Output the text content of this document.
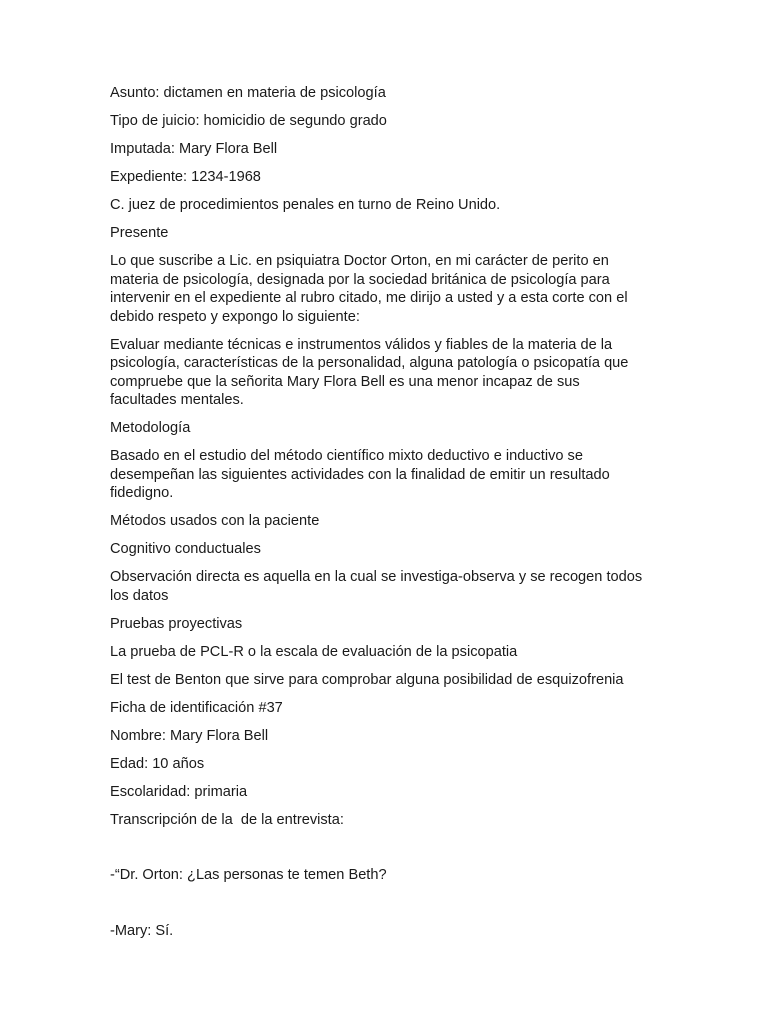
Asunto: dictamen en materia de psicología

Tipo de juicio: homicidio de segundo grado

Imputada: Mary Flora Bell

Expediente: 1234-1968

C. juez de procedimientos penales en turno de Reino Unido.

Presente

Lo que suscribe a Lic. en psiquiatra Doctor Orton, en mi carácter de perito en materia de psicología, designada por la sociedad británica de psicología para intervenir en el expediente al rubro citado, me dirijo a usted y a esta corte con el debido respeto y expongo lo siguiente:

Evaluar mediante técnicas e instrumentos válidos y fiables de la materia de la psicología, características de la personalidad, alguna patología o psicopatía que compruebe que la señorita Mary Flora Bell es una menor incapaz de sus facultades mentales.

Metodología

Basado en el estudio del método científico mixto deductivo e inductivo se desempeñan las siguientes actividades con la finalidad de emitir un resultado fidedigno.

Métodos usados con la paciente

Cognitivo conductuales

Observación directa es aquella en la cual se investiga-observa y se recogen todos los datos

Pruebas proyectivas

La prueba de PCL-R o la escala de evaluación de la psicopatia

El test de Benton que sirve para comprobar alguna posibilidad de esquizofrenia

Ficha de identificación #37

Nombre: Mary Flora Bell

Edad: 10 años

Escolaridad: primaria

Transcripción de la  de la entrevista:

-“Dr. Orton: ¿Las personas te temen Beth?

-Mary: Sí.
